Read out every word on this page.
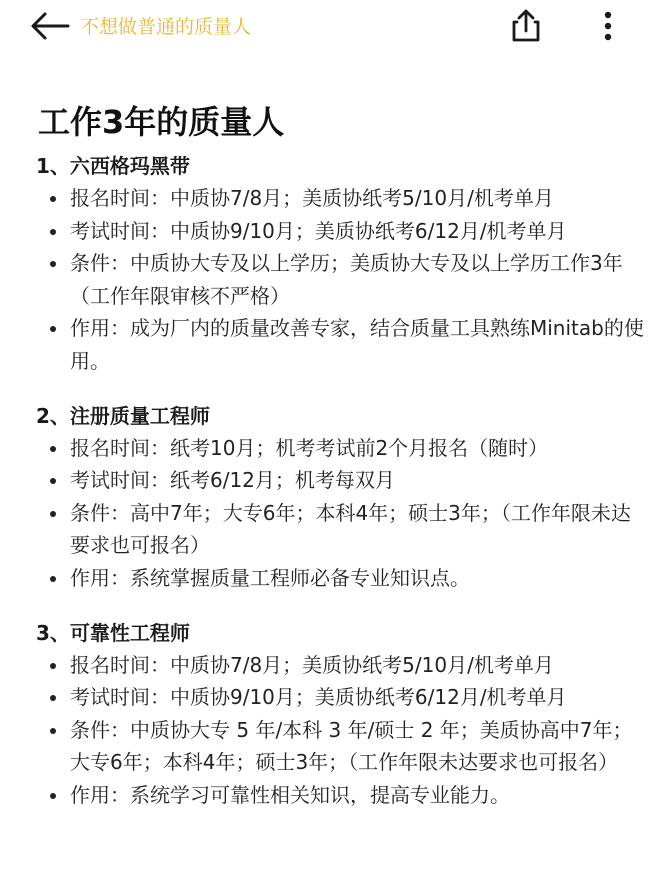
不想做普通的质量人
工作3年的质量人
1、六西格玛黑带
报名时间：中质协7/8月；美质协纸考5/10月/机考单月
考试时间：中质协9/10月；美质协纸考6/12月/机考单月
条件：中质协大专及以上学历；美质协大专及以上学历工作3年（工作年限审核不严格）
作用：成为厂内的质量改善专家，结合质量工具熟练Minitab的使用。
2、注册质量工程师
报名时间：纸考10月；机考考试前2个月报名（随时）
考试时间：纸考6/12月；机考每双月
条件：高中7年；大专6年；本科4年；硕士3年；（工作年限未达要求也可报名）
作用：系统掌握质量工程师必备专业知识点。
3、可靠性工程师
报名时间：中质协7/8月；美质协纸考5/10月/机考单月
考试时间：中质协9/10月；美质协纸考6/12月/机考单月
条件：中质协大专 5 年/本科 3 年/硕士 2 年；美质协高中7年；大专6年；本科4年；硕士3年；（工作年限未达要求也可报名）
作用：系统学习可靠性相关知识，提高专业能力。
